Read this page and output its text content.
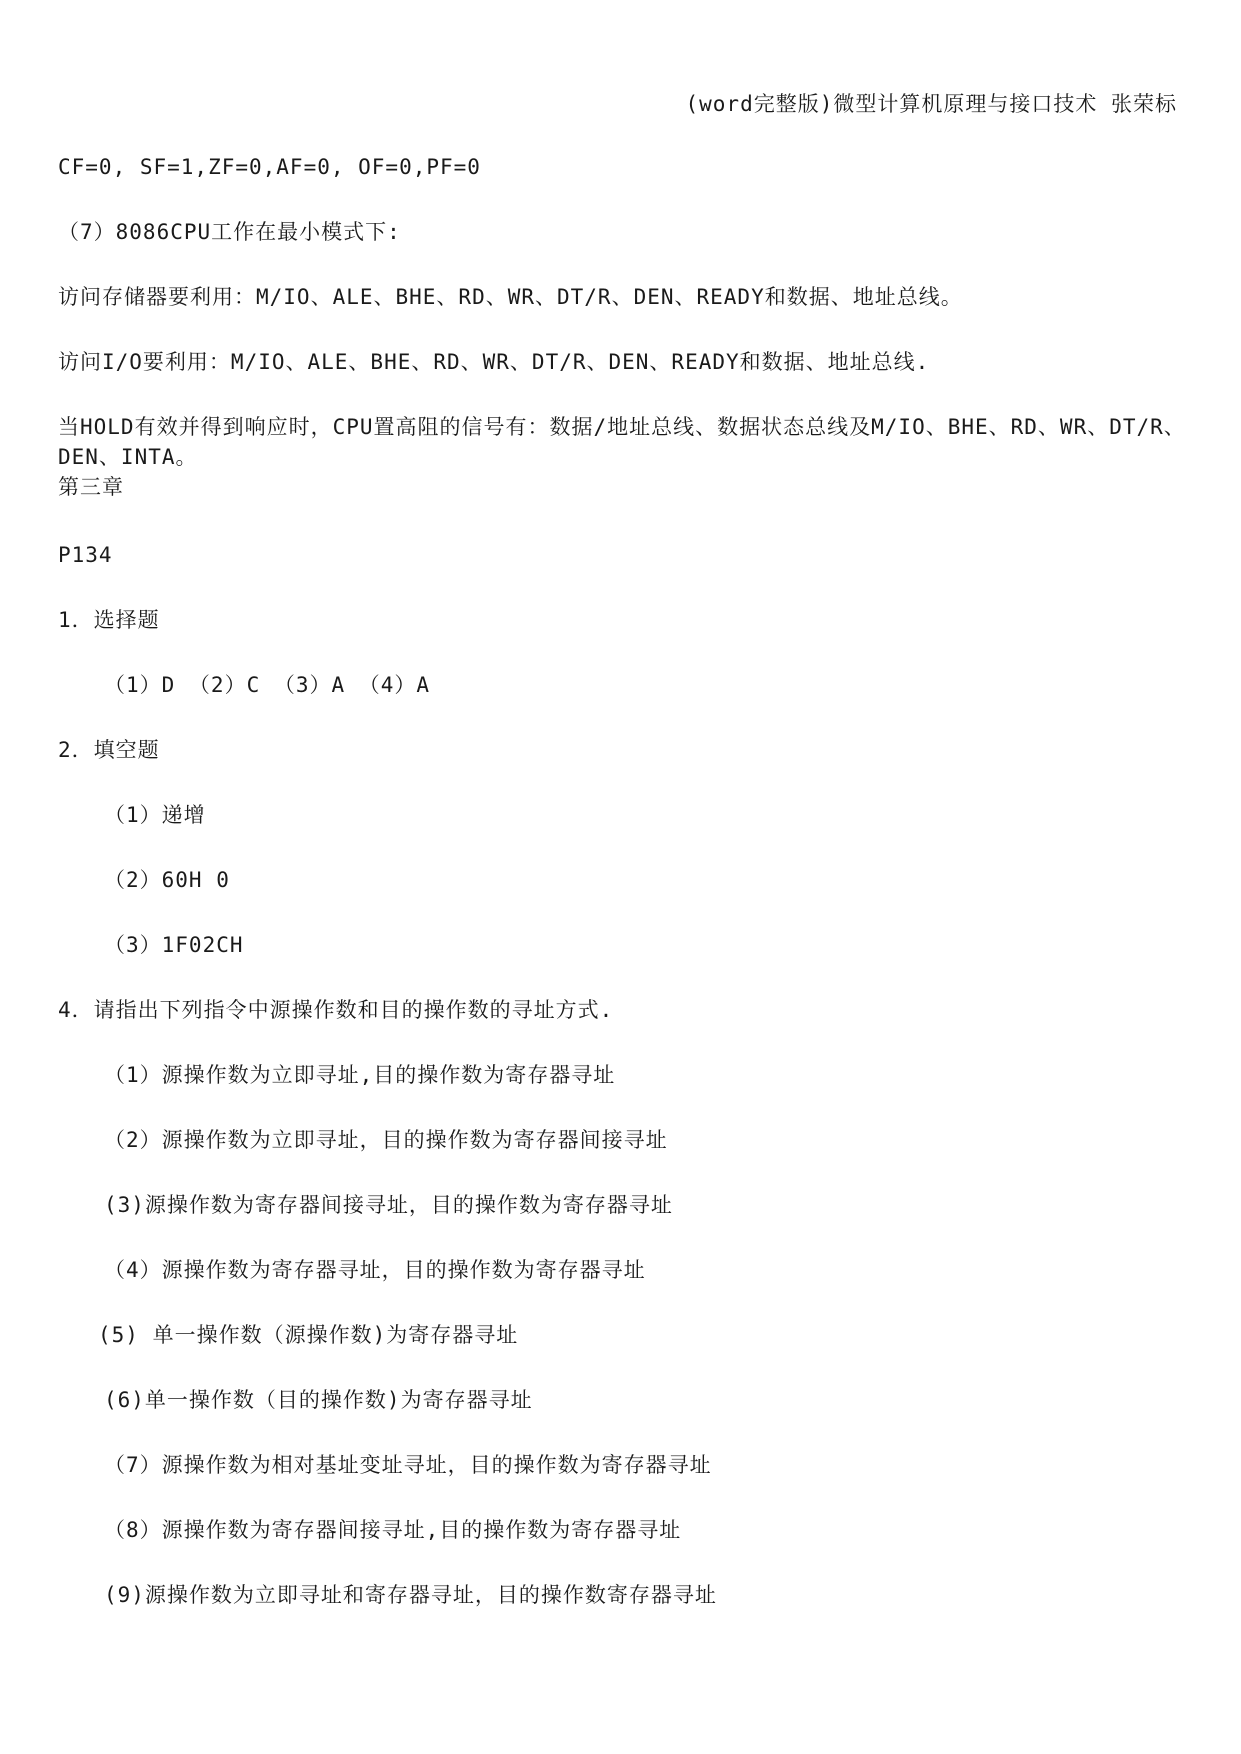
(word完整版)微型计算机原理与接口技术 张荣标
CF=0, SF=1,ZF=0,AF=0, OF=0,PF=0
（7）8086CPU工作在最小模式下:
访问存储器要利用：M/IO、ALE、BHE、RD、WR、DT/R、DEN、READY和数据、地址总线。
访问I/O要利用：M/IO、ALE、BHE、RD、WR、DT/R、DEN、READY和数据、地址总线.
当HOLD有效并得到响应时，CPU置高阻的信号有：数据/地址总线、数据状态总线及M/IO、BHE、RD、WR、DT/R、DEN、INTA。
第三章
P134
1．选择题
（1）D （2）C （3）A （4）A
2．填空题
（1）递增
（2）60H 0
（3）1F02CH
4．请指出下列指令中源操作数和目的操作数的寻址方式.
（1）源操作数为立即寻址,目的操作数为寄存器寻址
（2）源操作数为立即寻址，目的操作数为寄存器间接寻址
(3)源操作数为寄存器间接寻址，目的操作数为寄存器寻址
（4）源操作数为寄存器寻址，目的操作数为寄存器寻址
(5) 单一操作数（源操作数)为寄存器寻址
(6)单一操作数（目的操作数)为寄存器寻址
（7）源操作数为相对基址变址寻址，目的操作数为寄存器寻址
（8）源操作数为寄存器间接寻址,目的操作数为寄存器寻址
(9)源操作数为立即寻址和寄存器寻址，目的操作数寄存器寻址
